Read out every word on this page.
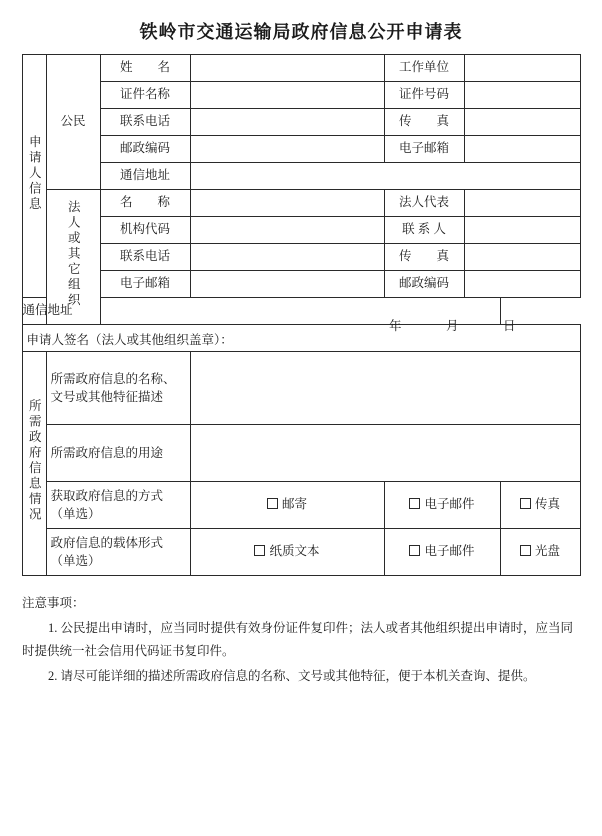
铁岭市交通运输局政府信息公开申请表
申请人信息	公民	姓　　名		工作单位		
		证件名称		证件号码		
		联系电话		传　　真		
		邮政编码		电子邮箱		
		通信地址				
	法人或其它组织	名　　称		法人代表		
		机构代码		联 系 人		
		联系电话		传　　真		
		电子邮箱		邮政编码		
通信地址						

申请人签名（法人或其他组织盖章）：
年　月　日						

所需政府信息情况	所需政府信息的名称、文号或其他特征描述					

	所需政府信息的用途					

	获取政府信息的方式（单选）		邮寄	电子邮件		传真

	政府信息的载体形式（单选）		纸质文本	电子邮件		光盘

注意事项：

1. 公民提出申请时，应当同时提供有效身份证件复印件；法人或者其他组织提出申请时，应当同时提供统一社会信用代码证书复印件。

2. 请尽可能详细的描述所需政府信息的名称、文号或其他特征，便于本机关查询、提供。
